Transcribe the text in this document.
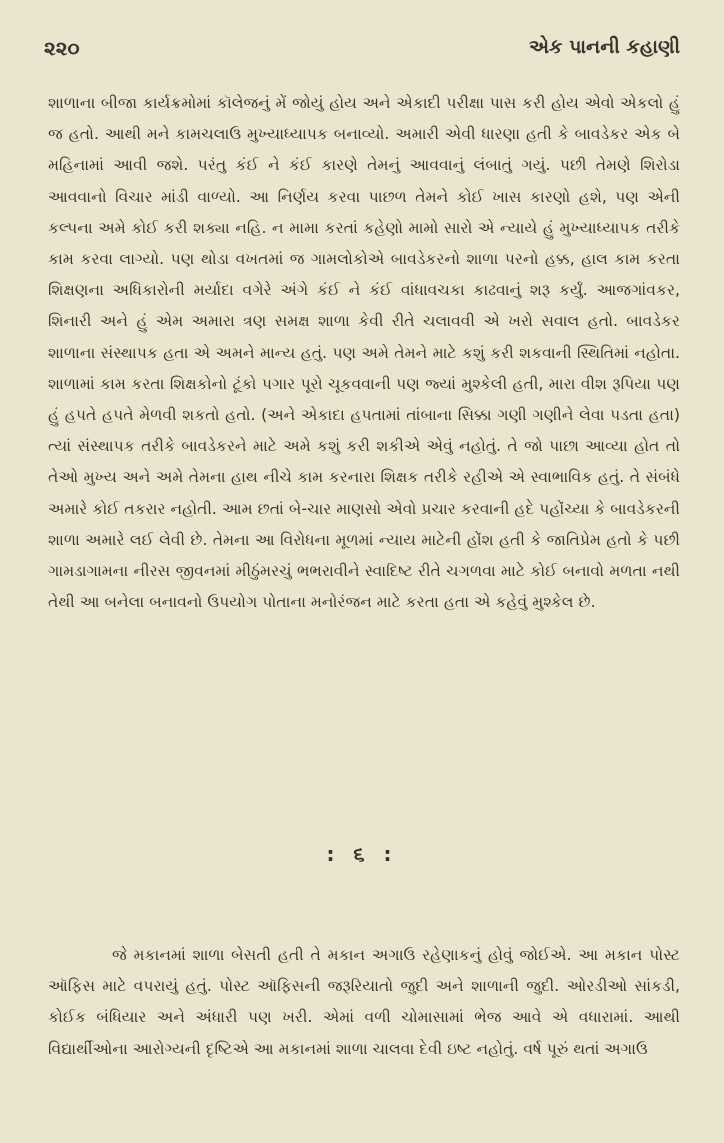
૨૨૦	એક પાનની કહાણી

શાળાના બીજા કાર્યક્રમોમાં કૉલેજનું મેં જોયું હોય અને એકાદી પરીક્ષા પાસ કરી હોય એવો એકલો હું જ હતો. આથી મને કામચલાઉ મુખ્યાધ્યાપક બનાવ્યો. અમારી એવી ધારણા હતી કે બાવડેકર એક બે મહિનામાં આવી જશે. પરંતુ કંઈ ને કંઈ કારણે તેમનું આવવાનું લંબાતું ગયું. પછી તેમણે શિરોડા આવવાનો વિચાર માંડી વાળ્યો. આ નિર્ણય કરવા પાછળ તેમને કોઈ ખાસ કારણો હશે, પણ એની કલ્પના અમે કોઈ કરી શક્યા નહિ. ન મામા કરતાં કહેણો મામો સારો એ ન્યાયે હું મુખ્યાધ્યાપક તરીકે કામ કરવા લાગ્યો. પણ થોડા વખતમાં જ ગામલોકોએ બાવડેકરનો શાળા પરનો હક્ક, હાલ કામ કરતા શિક્ષણના અધિકારોની મર્યાદા વગેરે અંગે કંઈ ને કંઈ વાંધાવચકા કાઢવાનું શરૂ કર્યું. આજગાંવકર, શિનારી અને હું એમ અમારા ત્રણ સમક્ષ શાળા કેવી રીતે ચલાવવી એ ખરો સવાલ હતો. બાવડેકર શાળાના સંસ્થાપક હતા એ અમને માન્ય હતું. પણ અમે તેમને માટે કશું કરી શકવાની સ્થિતિમાં નહોતા. શાળામાં કામ કરતા શિક્ષકોનો ટૂંકો પગાર પૂરો ચૂકવવાની પણ જ્યાં મુશ્કેલી હતી, મારા વીશ રૂપિયા પણ હું હપતે હપતે મેળવી શકતો હતો. (અને એકાદા હપતામાં તાંબાના સિક્કા ગણી ગણીને લેવા પડતા હતા) ત્યાં સંસ્થાપક તરીકે બાવડેકરને માટે અમે કશું કરી શકીએ એવું નહોતું. તે જો પાછા આવ્યા હોત તો તેઓ મુખ્ય અને અમે તેમના હાથ નીચે કામ કરનારા શિક્ષક તરીકે રહીએ એ સ્વાભાવિક હતું. તે સંબંધે અમારે કોઈ તકરાર નહોતી. આમ છતાં બે-ચાર માણસો એવો પ્રચાર કરવાની હદે પહોંચ્યા કે બાવડેકરની શાળા અમારે લઈ લેવી છે. તેમના આ વિરોધના મૂળમાં ન્યાય માટેની હોંશ હતી કે જાતિપ્રેમ હતો કે પછી ગામડાગામના નીરસ જીવનમાં મીઠુંમરચું ભભરાવીને સ્વાદિષ્ટ રીતે ચગળવા માટે કોઈ બનાવો મળતા નથી તેથી આ બનેલા બનાવનો ઉપયોગ પોતાના મનોરંજન માટે કરતા હતા એ કહેવું મુશ્કેલ છે.

: ૬ :

જે મકાનમાં શાળા બેસતી હતી તે મકાન અગાઉ રહેણાકનું હોવું જોઈએ. આ મકાન પોસ્ટ ઑફિસ માટે વપરાયું હતું. પોસ્ટ ઑફિસની જરૂરિયાતો જુદી અને શાળાની જુદી. ઓરડીઓ સાંકડી, કોઈક બંધિયાર અને અંધારી પણ ખરી. એમાં વળી ચોમાસામાં ભેજ આવે એ વધારામાં. આથી વિદ્યાર્થીઓના આરોગ્યની દૃષ્ટિએ આ મકાનમાં શાળા ચાલવા દેવી ઇષ્ટ નહોતું. વર્ષ પૂરું થતાં અગાઉ
